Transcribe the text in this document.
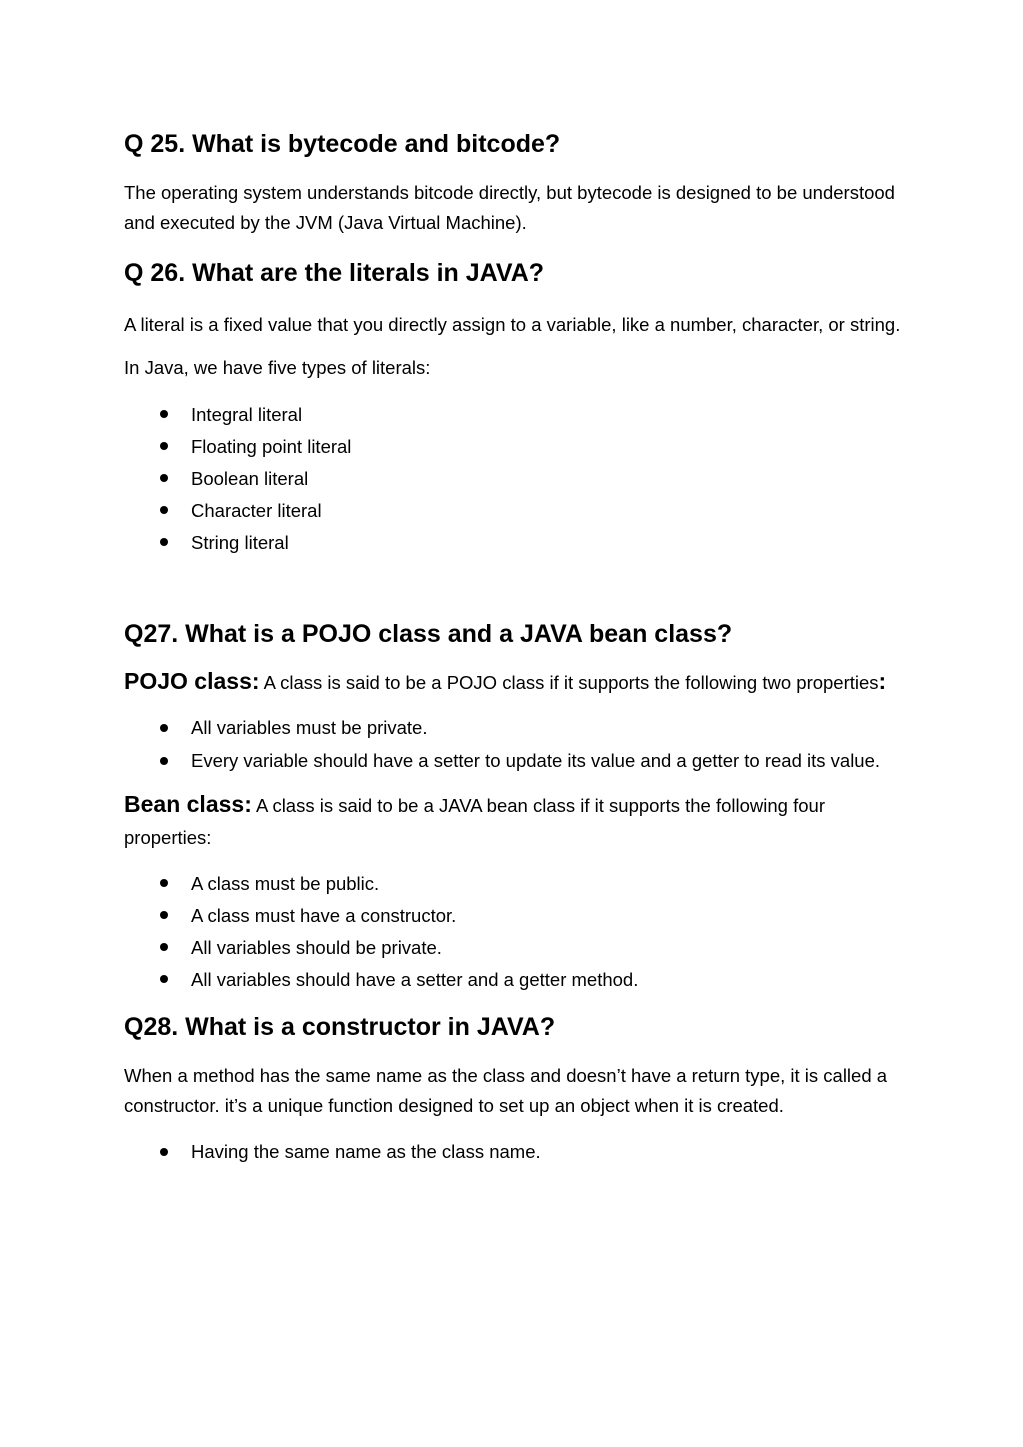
Q 25. What is bytecode and bitcode?

The operating system understands bitcode directly, but bytecode is designed to be understood and executed by the JVM (Java Virtual Machine).

Q 26. What are the literals in JAVA?

A literal is a fixed value that you directly assign to a variable, like a number, character, or string.

In Java, we have five types of literals:

Integral literal
Floating point literal
Boolean literal
Character literal
String literal
Q27. What is a POJO class and a JAVA bean class?

POJO class: A class is said to be a POJO class if it supports the following two properties:

All variables must be private.
Every variable should have a setter to update its value and a getter to read its value.

Bean class: A class is said to be a JAVA bean class if it supports the following four properties:

A class must be public.
A class must have a constructor.
All variables should be private.
All variables should have a setter and a getter method.
Q28. What is a constructor in JAVA?

When a method has the same name as the class and doesn’t have a return type, it is called a constructor. it’s a unique function designed to set up an object when it is created.

Having the same name as the class name.
